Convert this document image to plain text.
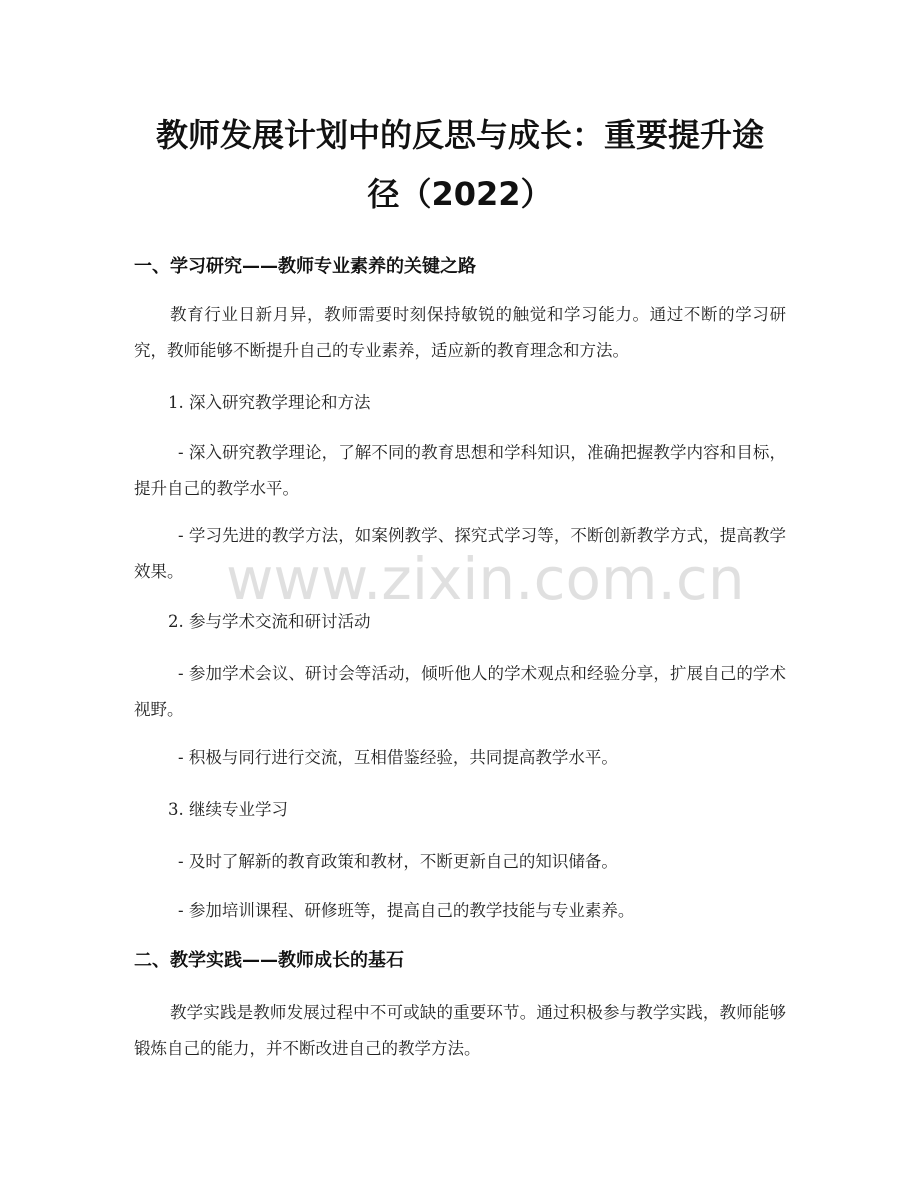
教师发展计划中的反思与成长：重要提升途
径（2022）
一、学习研究——教师专业素养的关键之路
教育行业日新月异，教师需要时刻保持敏锐的触觉和学习能力。通过不断的学习研究，教师能够不断提升自己的专业素养，适应新的教育理念和方法。
1. 深入研究教学理论和方法
- 深入研究教学理论，了解不同的教育思想和学科知识，准确把握教学内容和目标，提升自己的教学水平。
- 学习先进的教学方法，如案例教学、探究式学习等，不断创新教学方式，提高教学效果。
2. 参与学术交流和研讨活动
- 参加学术会议、研讨会等活动，倾听他人的学术观点和经验分享，扩展自己的学术视野。
- 积极与同行进行交流，互相借鉴经验，共同提高教学水平。
3. 继续专业学习
- 及时了解新的教育政策和教材，不断更新自己的知识储备。
- 参加培训课程、研修班等，提高自己的教学技能与专业素养。
二、教学实践——教师成长的基石
教学实践是教师发展过程中不可或缺的重要环节。通过积极参与教学实践，教师能够锻炼自己的能力，并不断改进自己的教学方法。
www.zixin.com.cn
